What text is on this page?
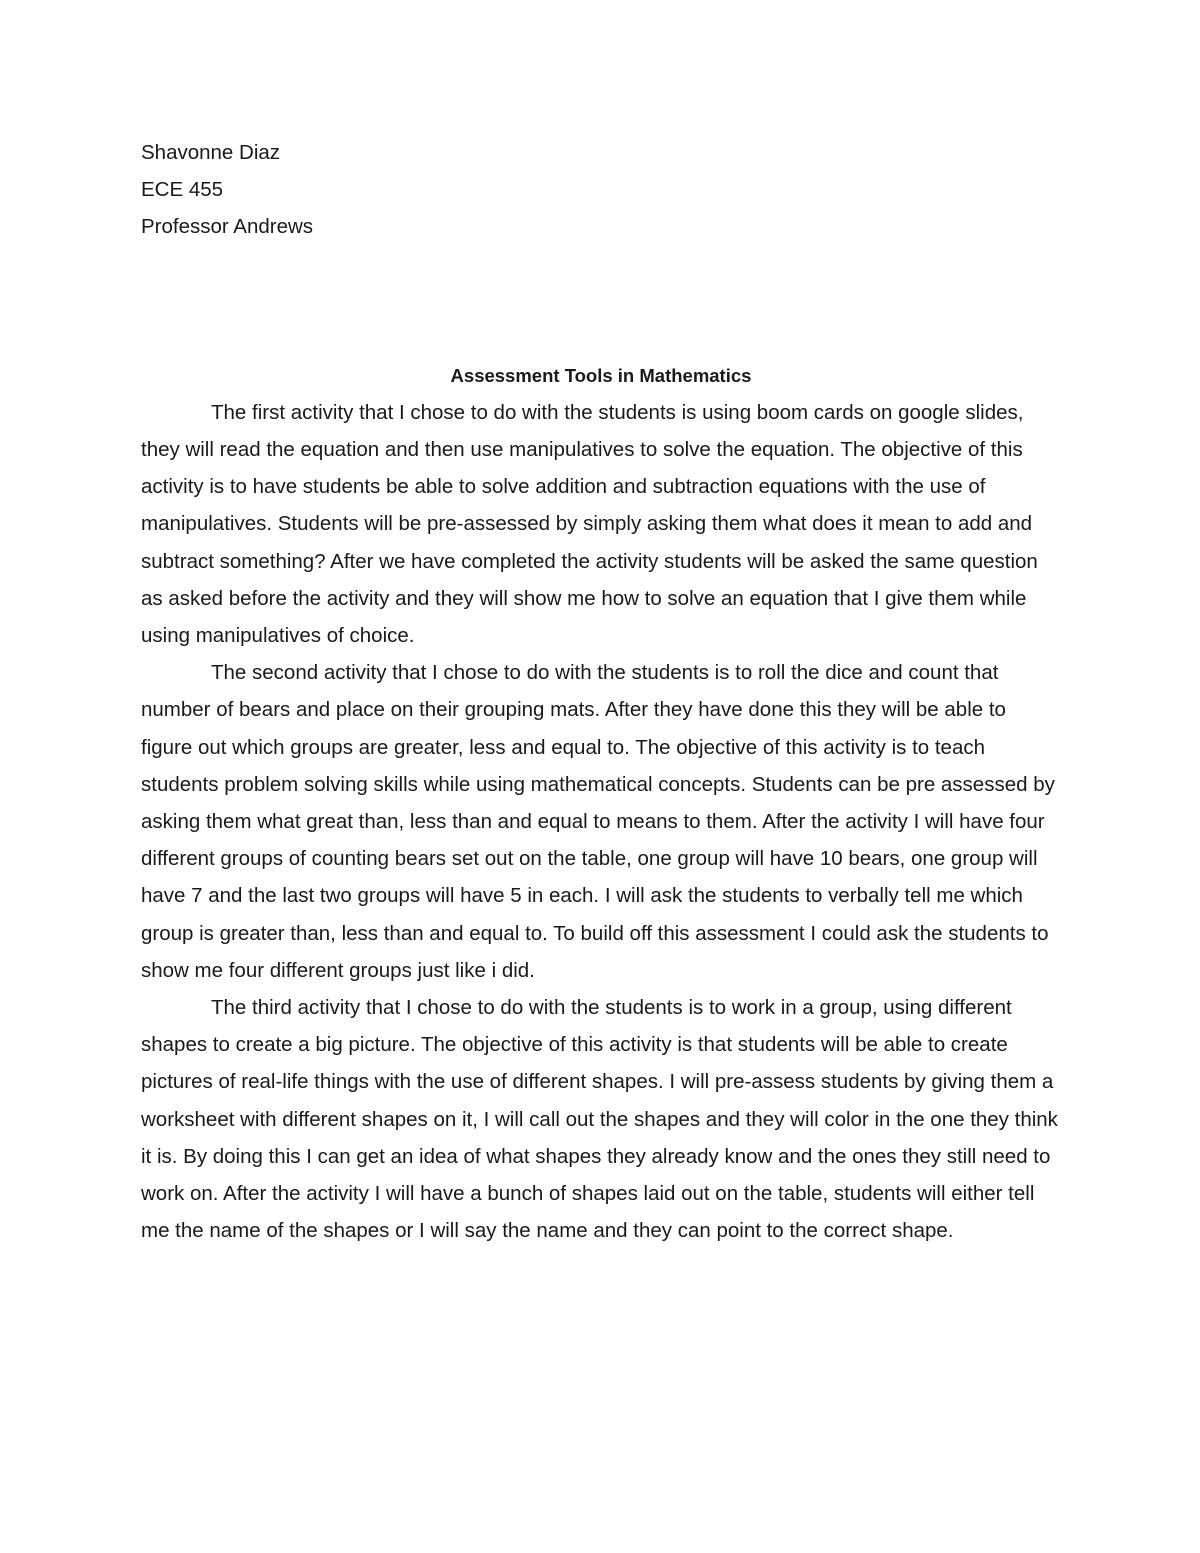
Shavonne Diaz
ECE 455
Professor Andrews
Assessment Tools in Mathematics

The first activity that I chose to do with the students is using boom cards on google slides, they will read the equation and then use manipulatives to solve the equation. The objective of this activity is to have students be able to solve addition and subtraction equations with the use of manipulatives. Students will be pre-assessed by simply asking them what does it mean to add and subtract something? After we have completed the activity students will be asked the same question as asked before the activity and they will show me how to solve an equation that I give them while using manipulatives of choice.

The second activity that I chose to do with the students is to roll the dice and count that number of bears and place on their grouping mats. After they have done this they will be able to figure out which groups are greater, less and equal to. The objective of this activity is to teach students problem solving skills while using mathematical concepts. Students can be pre assessed by asking them what great than, less than and equal to means to them. After the activity I will have four different groups of counting bears set out on the table, one group will have 10 bears, one group will have 7 and the last two groups will have 5 in each. I will ask the students to verbally tell me which group is greater than, less than and equal to. To build off this assessment I could ask the students to show me four different groups just like i did.

The third activity that I chose to do with the students is to work in a group, using different shapes to create a big picture. The objective of this activity is that students will be able to create pictures of real-life things with the use of different shapes. I will pre-assess students by giving them a worksheet with different shapes on it, I will call out the shapes and they will color in the one they think it is. By doing this I can get an idea of what shapes they already know and the ones they still need to work on. After the activity I will have a bunch of shapes laid out on the table, students will either tell me the name of the shapes or I will say the name and they can point to the correct shape.
